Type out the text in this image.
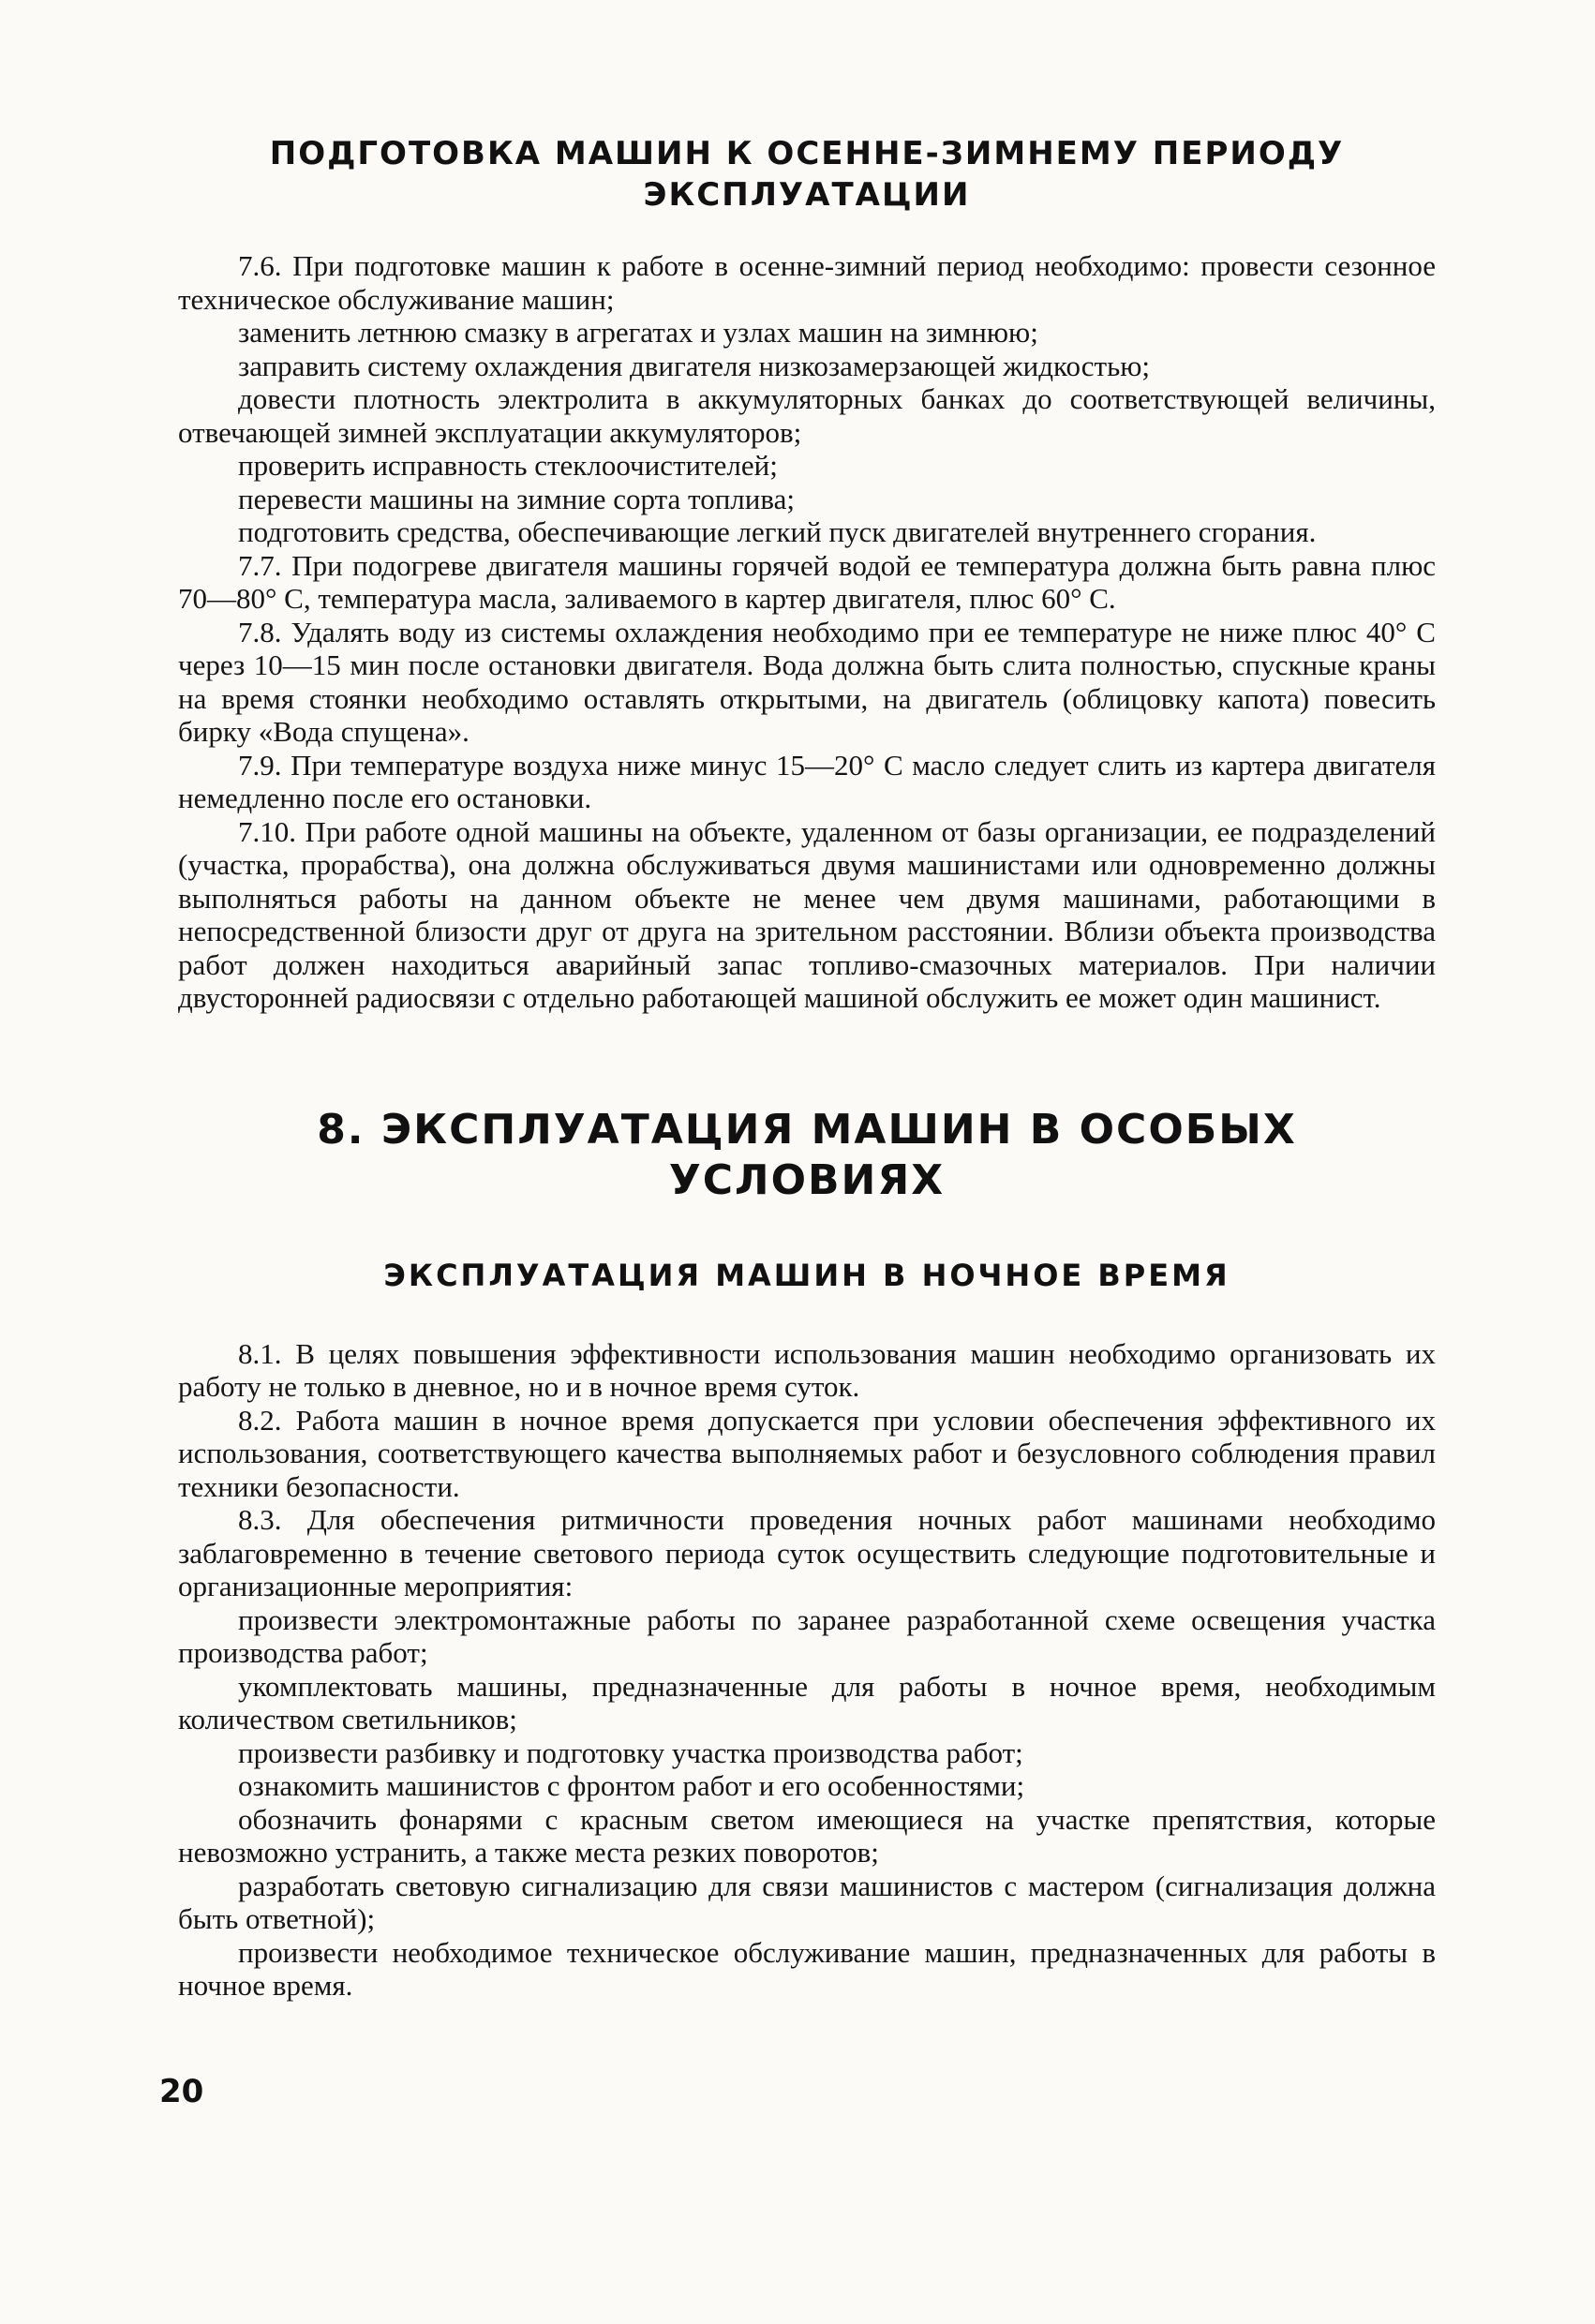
ПОДГОТОВКА МАШИН К ОСЕННЕ-ЗИМНЕМУ ПЕРИОДУ ЭКСПЛУАТАЦИИ

7.6. При подготовке машин к работе в осенне-зимний период необходимо: провести сезонное техническое обслуживание машин;

заменить летнюю смазку в агрегатах и узлах машин на зимнюю;

заправить систему охлаждения двигателя низкозамерзающей жидкостью;

довести плотность электролита в аккумуляторных банках до соответствующей величины, отвечающей зимней эксплуатации аккумуляторов;

проверить исправность стеклоочистителей;

перевести машины на зимние сорта топлива;

подготовить средства, обеспечивающие легкий пуск двигателей внутреннего сгорания.

7.7. При подогреве двигателя машины горячей водой ее температура должна быть равна плюс 70—80° С, температура масла, заливаемого в картер двигателя, плюс 60° С.

7.8. Удалять воду из системы охлаждения необходимо при ее температуре не ниже плюс 40° С через 10—15 мин после остановки двигателя. Вода должна быть слита полностью, спускные краны на время стоянки необходимо оставлять открытыми, на двигатель (облицовку капота) повесить бирку «Вода спущена».

7.9. При температуре воздуха ниже минус 15—20° С масло следует слить из картера двигателя немедленно после его остановки.

7.10. При работе одной машины на объекте, удаленном от базы организации, ее подразделений (участка, прорабства), она должна обслуживаться двумя машинистами или одновременно должны выполняться работы на данном объекте не менее чем двумя машинами, работающими в непосредственной близости друг от друга на зрительном расстоянии. Вблизи объекта производства работ должен находиться аварийный запас топливо-смазочных материалов. При наличии двусторонней радиосвязи с отдельно работающей машиной обслужить ее может один машинист.

8. ЭКСПЛУАТАЦИЯ МАШИН В ОСОБЫХ УСЛОВИЯХ
ЭКСПЛУАТАЦИЯ МАШИН В НОЧНОЕ ВРЕМЯ

8.1. В целях повышения эффективности использования машин необходимо организовать их работу не только в дневное, но и в ночное время суток.

8.2. Работа машин в ночное время допускается при условии обеспечения эффективного их использования, соответствующего качества выполняемых работ и безусловного соблюдения правил техники безопасности.

8.3. Для обеспечения ритмичности проведения ночных работ машинами необходимо заблаговременно в течение светового периода суток осуществить следующие подготовительные и организационные мероприятия:

произвести электромонтажные работы по заранее разработанной схеме освещения участка производства работ;

укомплектовать машины, предназначенные для работы в ночное время, необходимым количеством светильников;

произвести разбивку и подготовку участка производства работ;

ознакомить машинистов с фронтом работ и его особенностями;

обозначить фонарями с красным светом имеющиеся на участке препятствия, которые невозможно устранить, а также места резких поворотов;

разработать световую сигнализацию для связи машинистов с мастером (сигнализация должна быть ответной);

произвести необходимое техническое обслуживание машин, предназначенных для работы в ночное время.

20
